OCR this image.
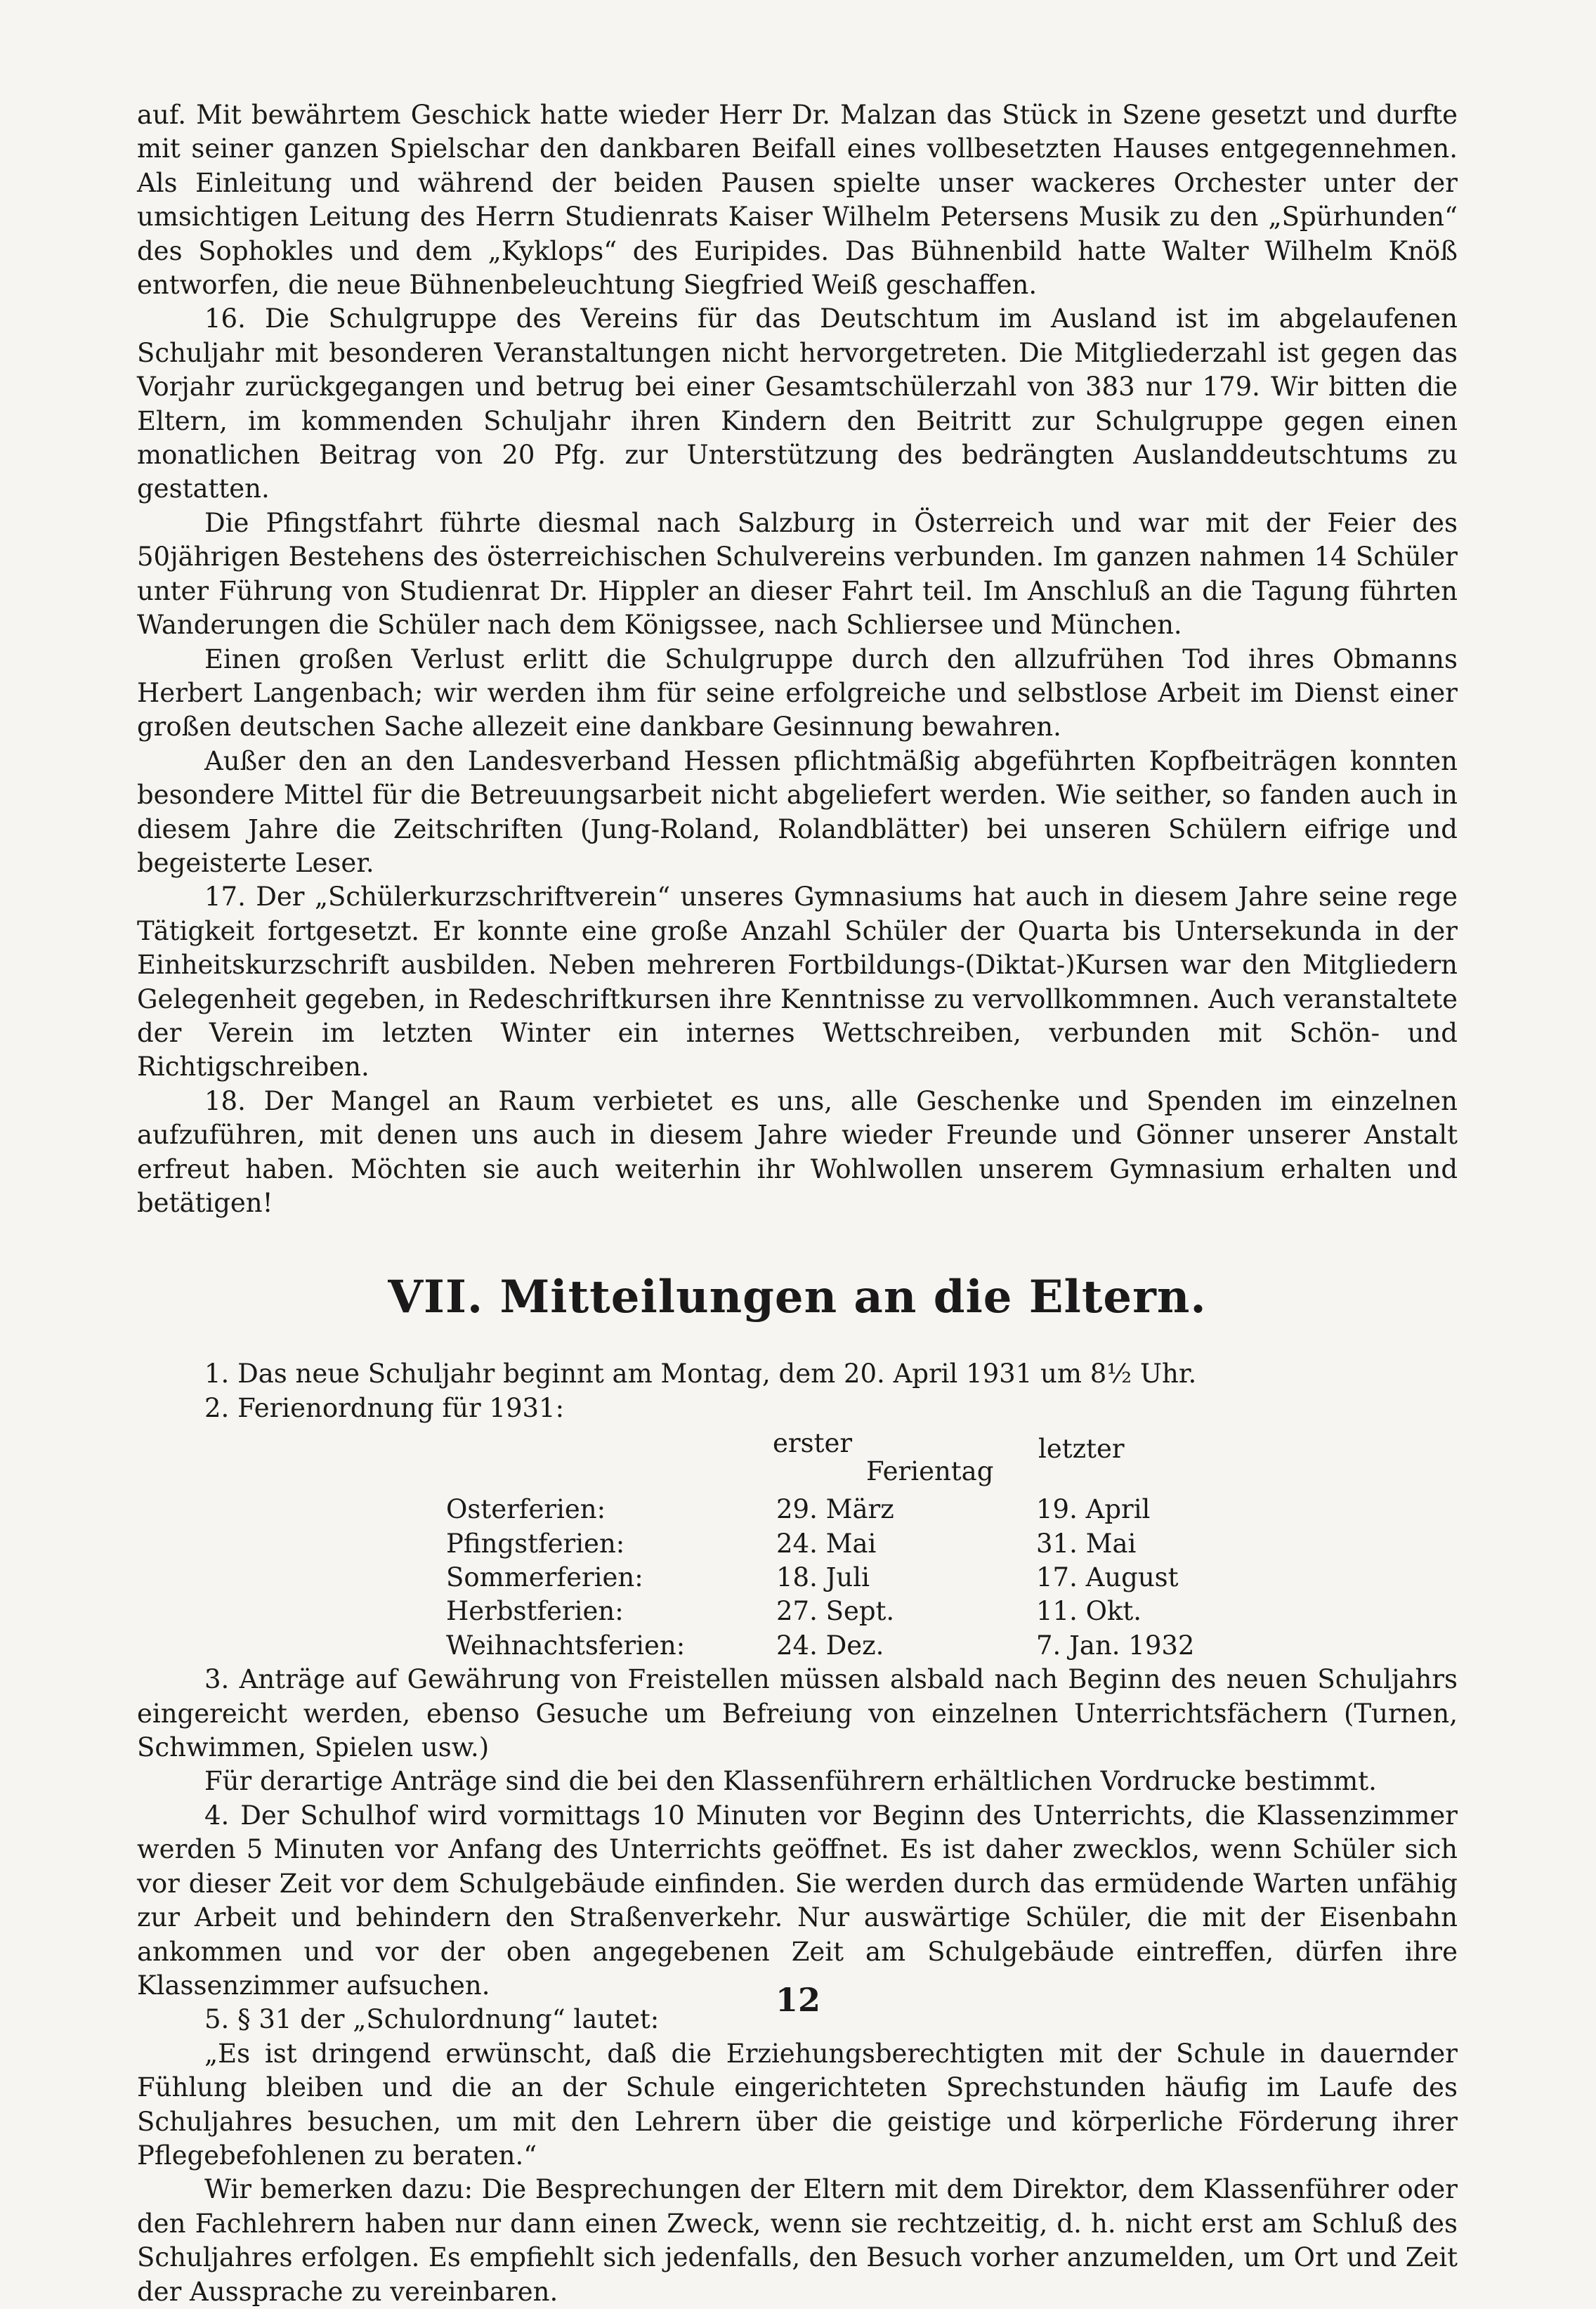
auf. Mit bewährtem Geschick hatte wieder Herr Dr. Malzan das Stück in Szene gesetzt und durfte mit seiner ganzen Spielschar den dankbaren Beifall eines vollbesetzten Hauses entgegennehmen. Als Einleitung und während der beiden Pausen spielte unser wackeres Orchester unter der umsichtigen Leitung des Herrn Studienrats Kaiser Wilhelm Petersens Musik zu den „Spürhunden“ des Sophokles und dem „Kyklops“ des Euripides. Das Bühnenbild hatte Walter Wilhelm Knöß entworfen, die neue Bühnenbeleuchtung Siegfried Weiß geschaffen.

16. Die Schulgruppe des Vereins für das Deutschtum im Ausland ist im abgelaufenen Schuljahr mit besonderen Veranstaltungen nicht hervorgetreten. Die Mitgliederzahl ist gegen das Vorjahr zurückgegangen und betrug bei einer Gesamtschülerzahl von 383 nur 179. Wir bitten die Eltern, im kommenden Schuljahr ihren Kindern den Beitritt zur Schulgruppe gegen einen monatlichen Beitrag von 20 Pfg. zur Unterstützung des bedrängten Auslanddeutschtums zu gestatten.

Die Pfingstfahrt führte diesmal nach Salzburg in Österreich und war mit der Feier des 50jährigen Bestehens des österreichischen Schulvereins verbunden. Im ganzen nahmen 14 Schüler unter Führung von Studienrat Dr. Hippler an dieser Fahrt teil. Im Anschluß an die Tagung führten Wanderungen die Schüler nach dem Königssee, nach Schliersee und München.

Einen großen Verlust erlitt die Schulgruppe durch den allzufrühen Tod ihres Obmanns Herbert Langenbach; wir werden ihm für seine erfolgreiche und selbstlose Arbeit im Dienst einer großen deutschen Sache allezeit eine dankbare Gesinnung bewahren.

Außer den an den Landesverband Hessen pflichtmäßig abgeführten Kopfbeiträgen konnten besondere Mittel für die Betreuungsarbeit nicht abgeliefert werden. Wie seither, so fanden auch in diesem Jahre die Zeitschriften (Jung-Roland, Rolandblätter) bei unseren Schülern eifrige und begeisterte Leser.

17. Der „Schülerkurzschriftverein“ unseres Gymnasiums hat auch in diesem Jahre seine rege Tätigkeit fortgesetzt. Er konnte eine große Anzahl Schüler der Quarta bis Untersekunda in der Einheitskurzschrift ausbilden. Neben mehreren Fortbildungs-(Diktat-)Kursen war den Mitgliedern Gelegenheit gegeben, in Redeschriftkursen ihre Kenntnisse zu vervollkommnen. Auch veranstaltete der Verein im letzten Winter ein internes Wettschreiben, verbunden mit Schön- und Richtigschreiben.

18. Der Mangel an Raum verbietet es uns, alle Geschenke und Spenden im einzelnen aufzuführen, mit denen uns auch in diesem Jahre wieder Freunde und Gönner unserer Anstalt erfreut haben. Möchten sie auch weiterhin ihr Wohlwollen unserem Gymnasium erhalten und betätigen!

VII. Mitteilungen an die Eltern.

1. Das neue Schuljahr beginnt am Montag, dem 20. April 1931 um 8½ Uhr.

2. Ferienordnung für 1931:

erster
Ferientag
letzter
Osterferien:	29. März	19. April
Pfingstferien:	24. Mai	31. Mai
Sommerferien:	18. Juli	17. August
Herbstferien:	27. Sept.	11. Okt.
Weihnachtsferien:	24. Dez.	7. Jan. 1932

3. Anträge auf Gewährung von Freistellen müssen alsbald nach Beginn des neuen Schuljahrs eingereicht werden, ebenso Gesuche um Befreiung von einzelnen Unterrichtsfächern (Turnen, Schwimmen, Spielen usw.)

Für derartige Anträge sind die bei den Klassenführern erhältlichen Vordrucke bestimmt.

4. Der Schulhof wird vormittags 10 Minuten vor Beginn des Unterrichts, die Klassenzimmer werden 5 Minuten vor Anfang des Unterrichts geöffnet. Es ist daher zwecklos, wenn Schüler sich vor dieser Zeit vor dem Schulgebäude einfinden. Sie werden durch das ermüdende Warten unfähig zur Arbeit und behindern den Straßenverkehr. Nur auswärtige Schüler, die mit der Eisenbahn ankommen und vor der oben angegebenen Zeit am Schulgebäude eintreffen, dürfen ihre Klassenzimmer aufsuchen.

5. § 31 der „Schulordnung“ lautet:

„Es ist dringend erwünscht, daß die Erziehungsberechtigten mit der Schule in dauernder Fühlung bleiben und die an der Schule eingerichteten Sprechstunden häufig im Laufe des Schuljahres besuchen, um mit den Lehrern über die geistige und körperliche Förderung ihrer Pflegebefohlenen zu beraten.“

Wir bemerken dazu: Die Besprechungen der Eltern mit dem Direktor, dem Klassenführer oder den Fachlehrern haben nur dann einen Zweck, wenn sie rechtzeitig, d. h. nicht erst am Schluß des Schuljahres erfolgen. Es empfiehlt sich jedenfalls, den Besuch vorher anzumelden, um Ort und Zeit der Aussprache zu vereinbaren.

12
